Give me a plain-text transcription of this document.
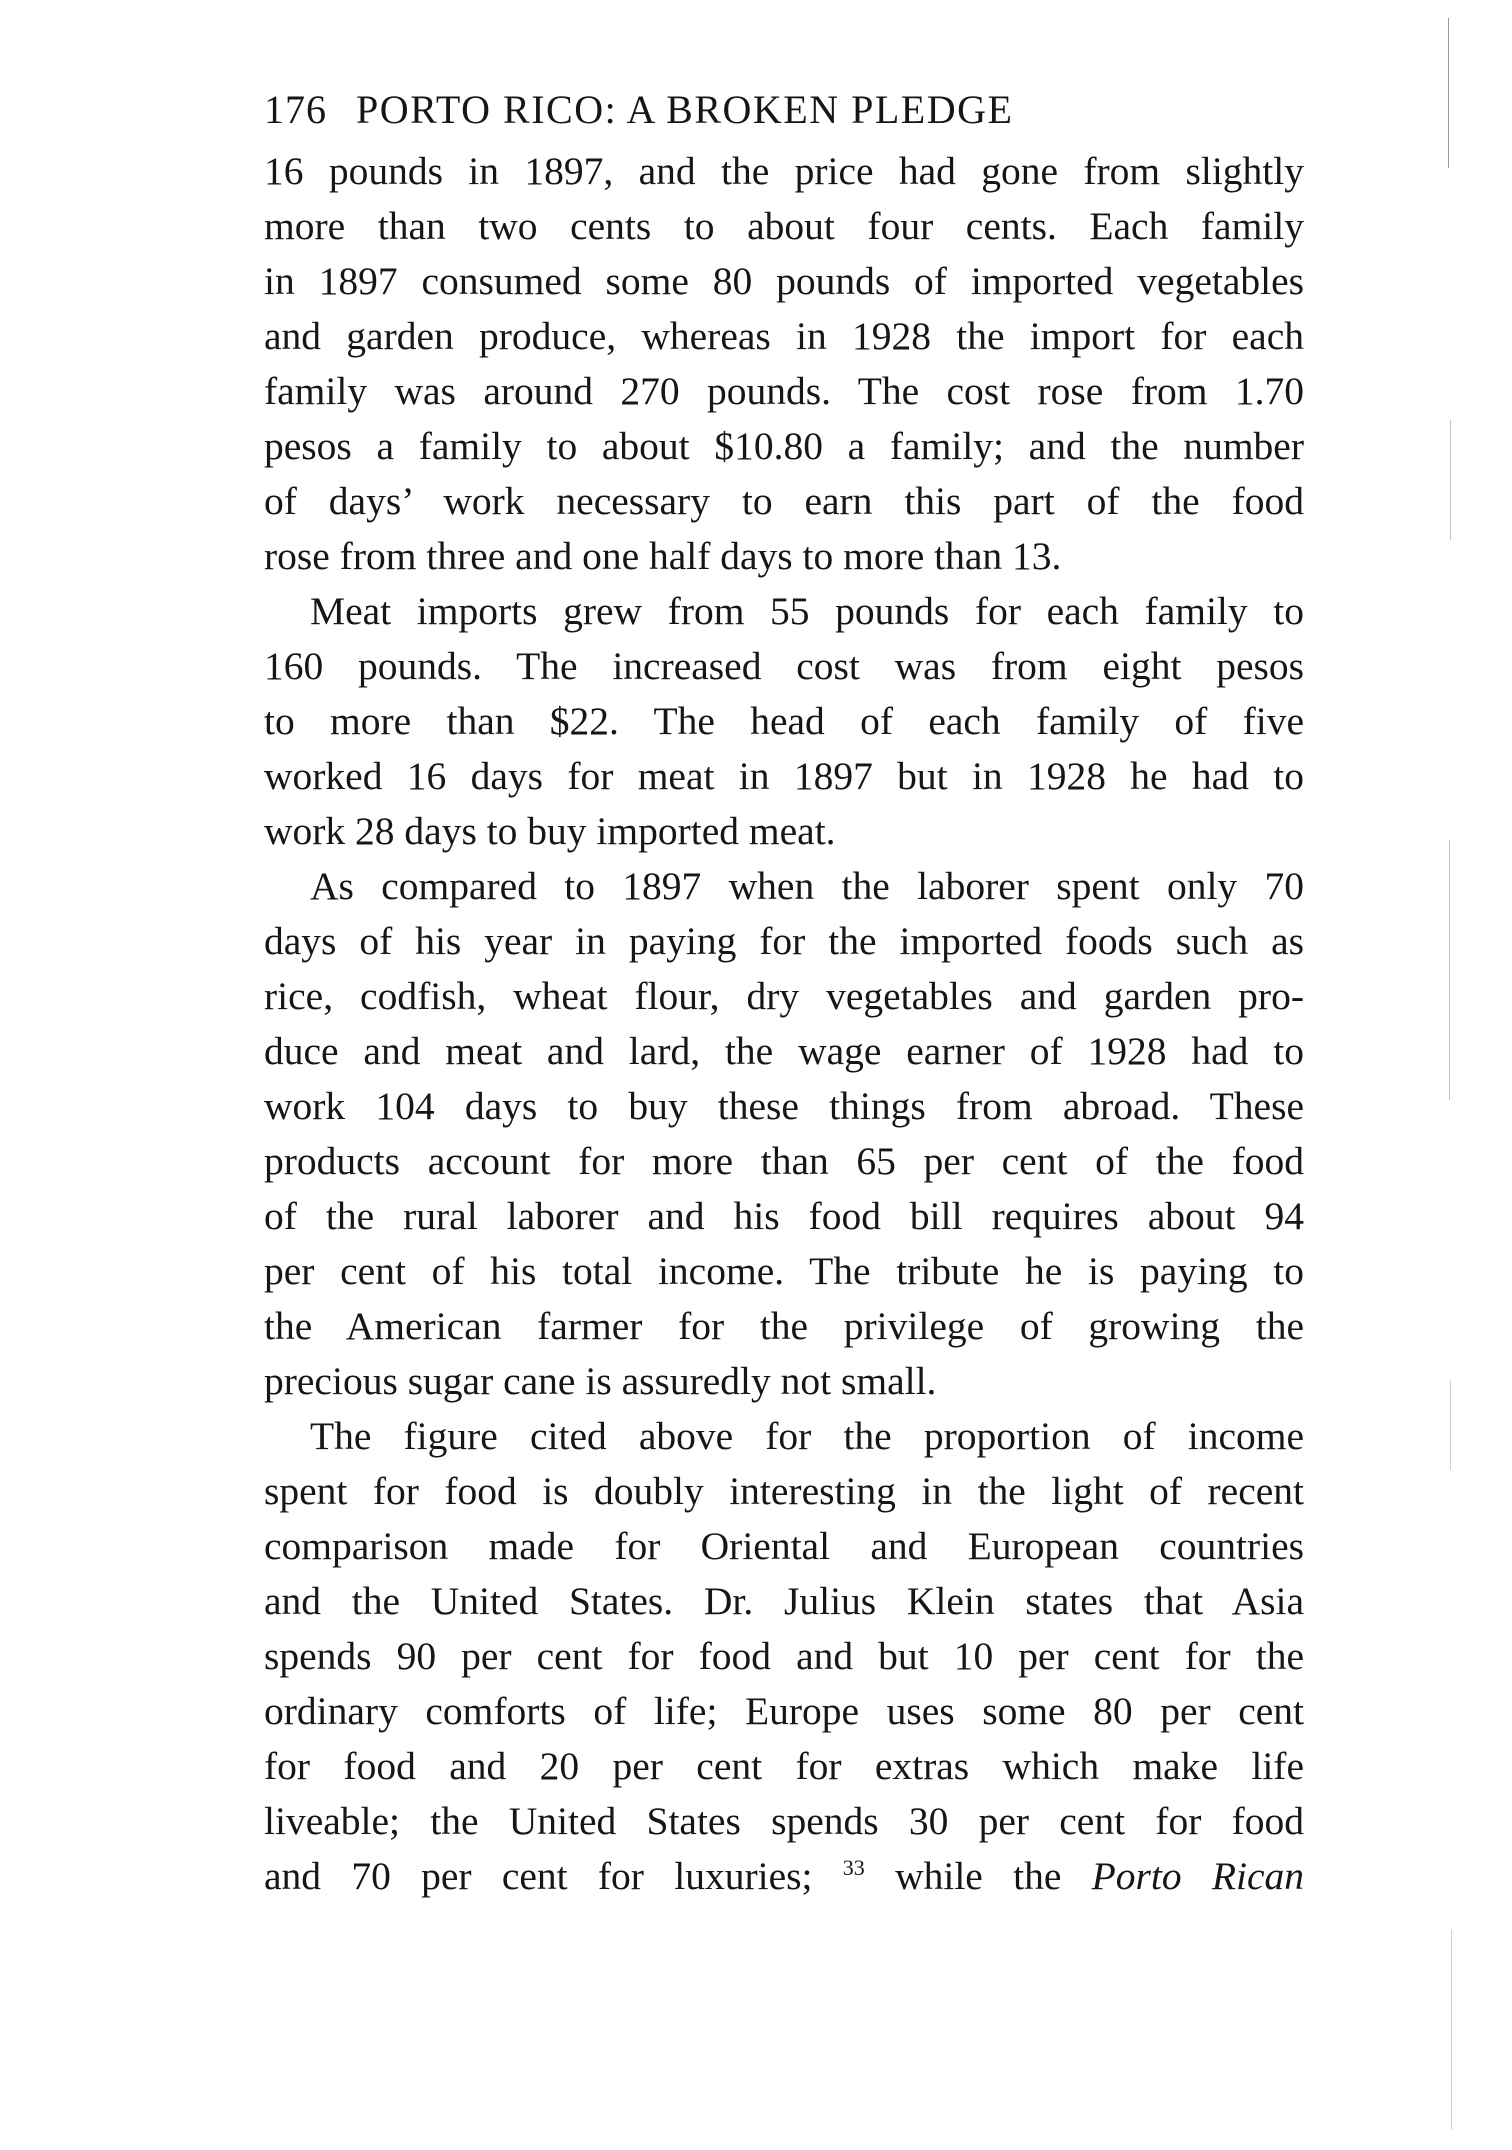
176 PORTO RICO: A BROKEN PLEDGE
16 pounds in 1897, and the price had gone from slightly
more than two cents to about four cents. Each family
in 1897 consumed some 80 pounds of imported vegetables
and garden produce, whereas in 1928 the import for each
family was around 270 pounds. The cost rose from 1.70
pesos a family to about $10.80 a family; and the number
of days’ work necessary to earn this part of the food
rose from three and one half days to more than 13.
Meat imports grew from 55 pounds for each family to
160 pounds. The increased cost was from eight pesos
to more than $22. The head of each family of five
worked 16 days for meat in 1897 but in 1928 he had to
work 28 days to buy imported meat.
As compared to 1897 when the laborer spent only 70
days of his year in paying for the imported foods such as
rice, codfish, wheat flour, dry vegetables and garden pro-
duce and meat and lard, the wage earner of 1928 had to
work 104 days to buy these things from abroad. These
products account for more than 65 per cent of the food
of the rural laborer and his food bill requires about 94
per cent of his total income. The tribute he is paying to
the American farmer for the privilege of growing the
precious sugar cane is assuredly not small.
The figure cited above for the proportion of income
spent for food is doubly interesting in the light of recent
comparison made for Oriental and European countries
and the United States. Dr. Julius Klein states that Asia
spends 90 per cent for food and but 10 per cent for the
ordinary comforts of life; Europe uses some 80 per cent
for food and 20 per cent for extras which make life
liveable; the United States spends 30 per cent for food
and 70 per cent for luxuries; $^{33}$ while the Porto Rican
